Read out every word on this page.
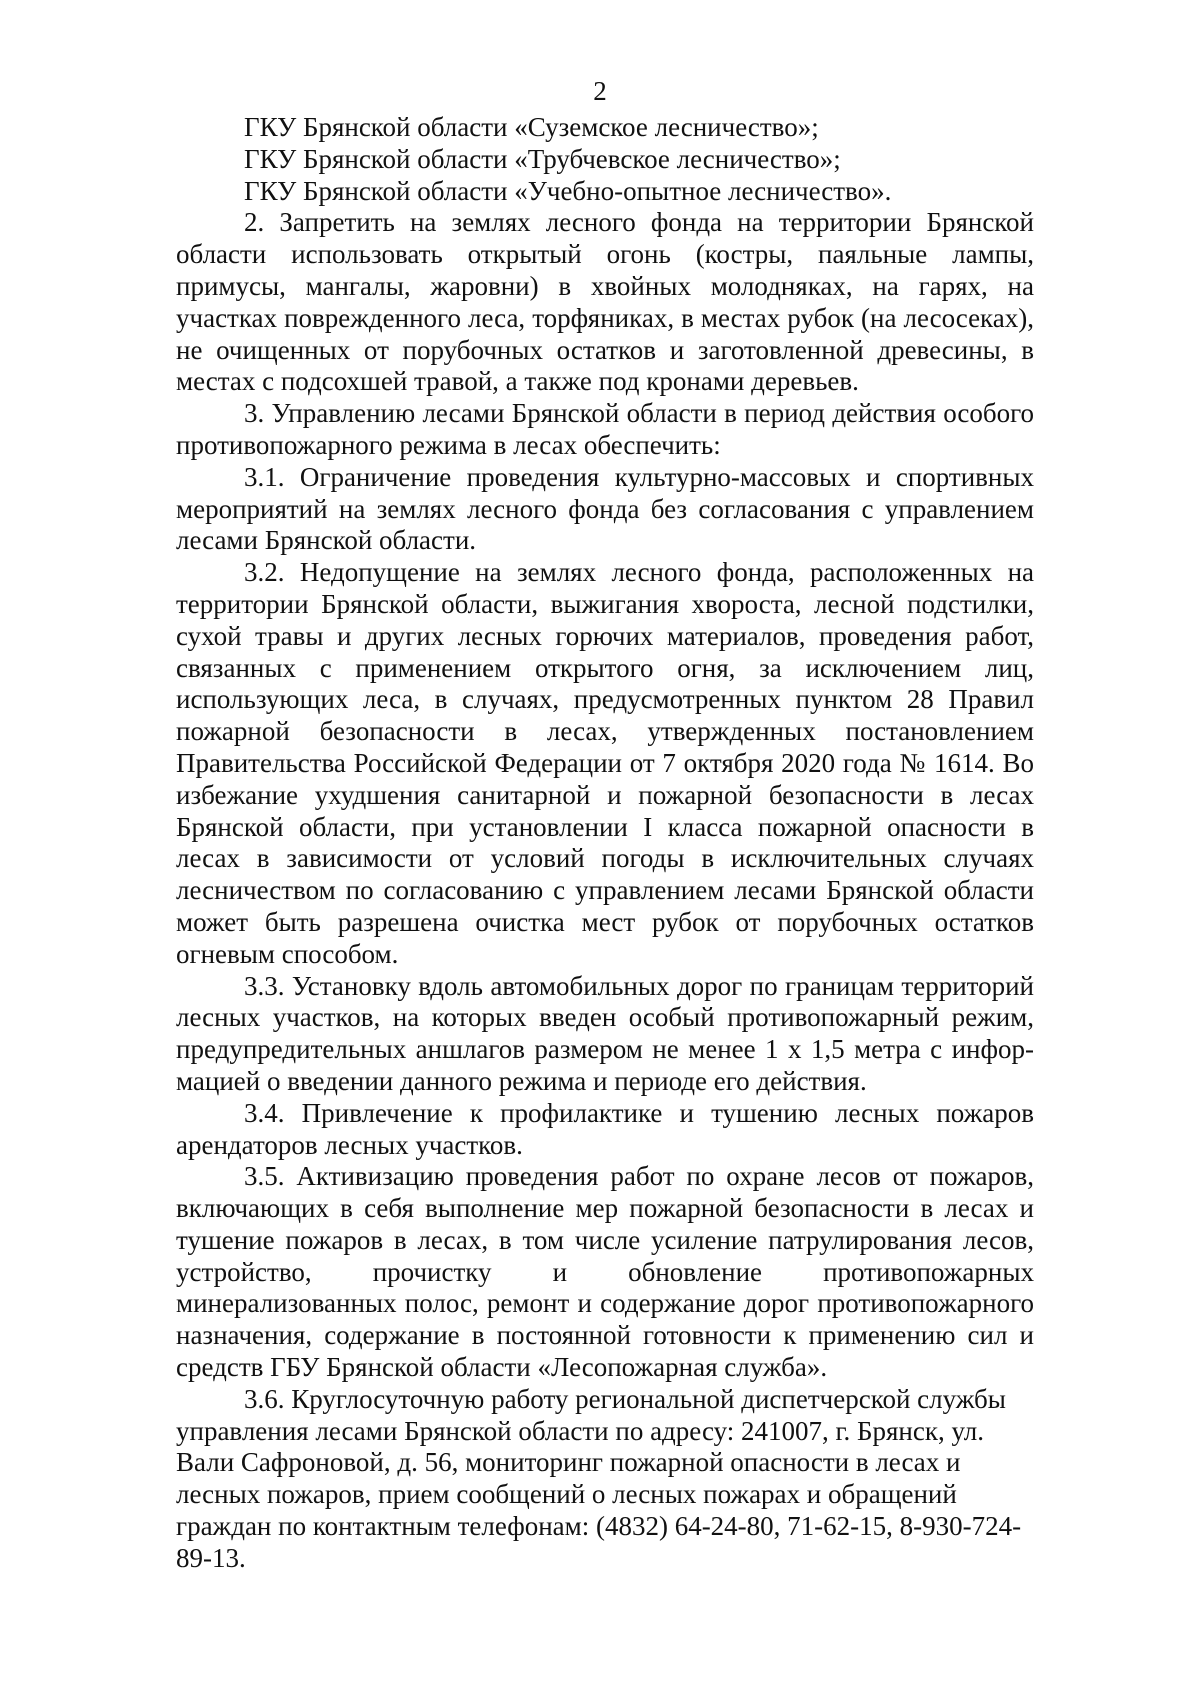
2

ГКУ Брянской области «Суземское лесничество»;

ГКУ Брянской области «Трубчевское лесничество»;

ГКУ Брянской области «Учебно-опытное лесничество».

2. Запретить на землях лесного фонда на территории Брянской области использовать открытый огонь (костры, паяльные лампы, примусы, мангалы, жаровни) в хвойных молодняках, на гарях, на участках поврежденного леса, торфяниках, в местах рубок (на лесосеках), не очищенных от порубочных остатков и заготовленной древесины, в местах с подсохшей травой, а также под кронами деревьев.

3. Управлению лесами Брянской области в период действия особого противопожарного режима в лесах обеспечить:

3.1. Ограничение проведения культурно-массовых и спортивных мероприятий на землях лесного фонда без согласования с управлением лесами Брянской области.

3.2. Недопущение на землях лесного фонда, расположенных на территории Брянской области, выжигания хвороста, лесной подстилки, сухой травы и других лесных горючих материалов, проведения работ, связанных с применением открытого огня, за исключением лиц, использующих леса, в случаях, предусмотренных пунктом 28 Правил пожарной безопасности в лесах, утвержденных постановлением Правительства Российской Федерации от 7 октября 2020 года № 1614. Во избежание ухудшения санитарной и пожарной безопасности в лесах Брянской области, при установлении I класса пожарной опасности в лесах в зависимости от условий погоды в исключительных случаях лесничеством по согласованию с управлением лесами Брянской области может быть разрешена очистка мест рубок от порубочных остатков огневым способом.

3.3. Установку вдоль автомобильных дорог по границам территорий лесных участков, на которых введен особый противопожарный режим, предупредительных аншлагов размером не менее 1 х 1,5 метра с информацией о введении данного режима и периоде его действия.

3.4. Привлечение к профилактике и тушению лесных пожаров арендаторов лесных участков.

3.5. Активизацию проведения работ по охране лесов от пожаров, включающих в себя выполнение мер пожарной безопасности в лесах и тушение пожаров в лесах, в том числе усиление патрулирования лесов, устройство, прочистку и обновление противопожарных минерализованных полос, ремонт и содержание дорог противопожарного назначения, содержание в постоянной готовности к применению сил и средств ГБУ Брянской области «Лесопожарная служба».

3.6. Круглосуточную работу региональной диспетчерской службы управления лесами Брянской области по адресу: 241007, г. Брянск, ул. Вали Сафроновой, д. 56, мониторинг пожарной опасности в лесах и лесных пожаров, прием сообщений о лесных пожарах и обращений граждан по контактным телефонам: (4832) 64-24-80, 71-62-15, 8-930-724-89-13.
